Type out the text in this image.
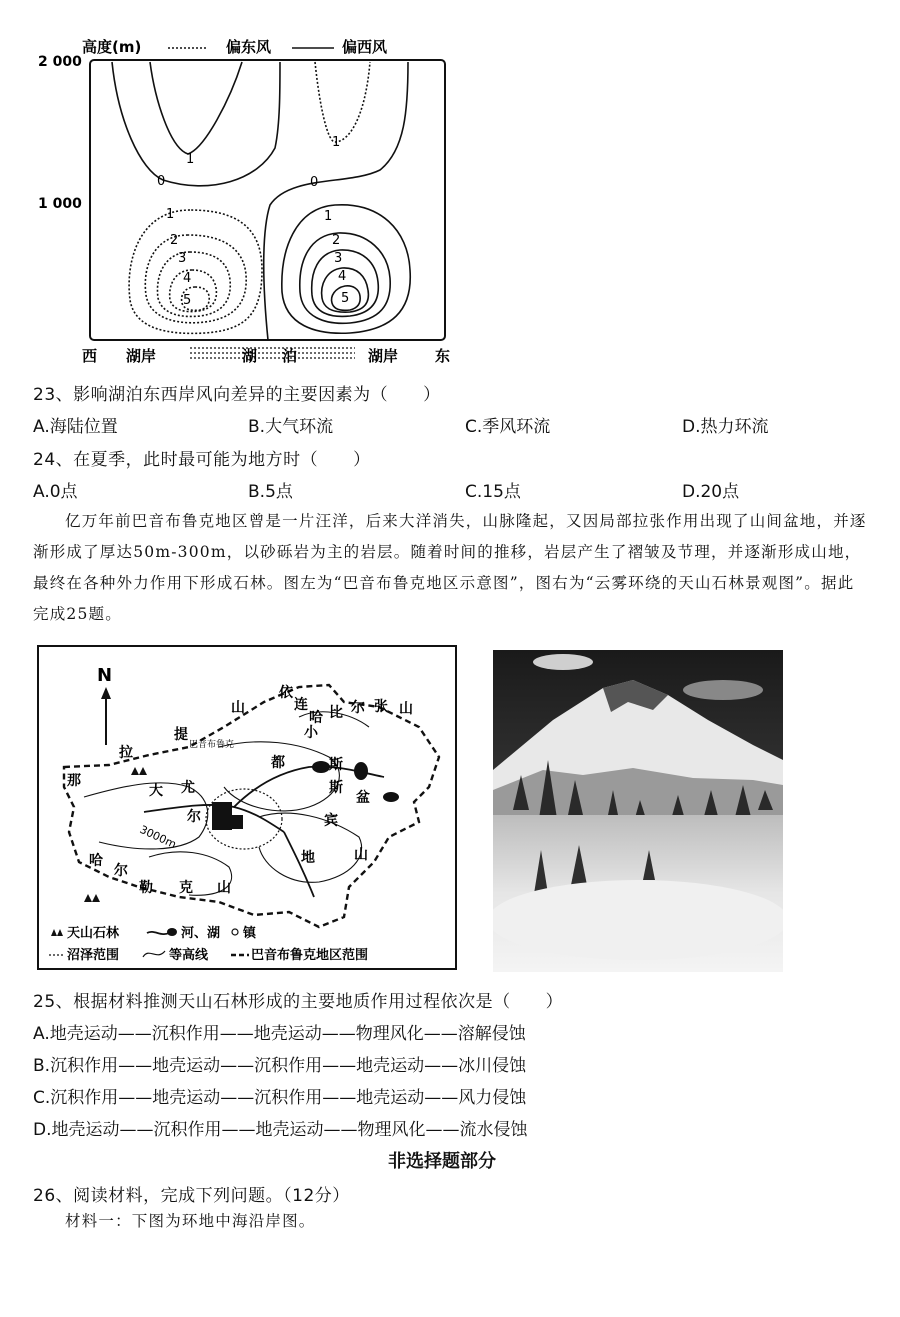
高度(m)	偏东风	偏西风
2 000
1 000
1
0
1
0
1
2
3
4
5
1
2
3
4
5
西 湖岸	湖 泊	湖岸 东
23、影响湖泊东西岸风向差异的主要因素为（　　）
A.海陆位置	B.大气环流	C.季风环流	D.热力环流
24、在夏季，此时最可能为地方时（　　）
A.0点	B.5点	C.15点	D.20点
亿万年前巴音布鲁克地区曾是一片汪洋，后来大洋消失，山脉隆起，又因局部拉张作用出现了山间盆地，并逐渐形成了厚达50m-300m，以砂砾岩为主的岩层。随着时间的推移，岩层产生了褶皱及节理，并逐渐形成山地，最终在各种外力作用下形成石林。图左为“巴音布鲁克地区示意图”，图右为“云雾环绕的天山石林景观图”。据此完成25题。
N
那
拉
提
山
大 尤
尔
都
斯
盆
地
小
比 尔 张 山
依
连
哈
斯
宾
山
哈
尔
勒 克 山
巴音布鲁克
3000m
天山石林	河、湖 镇
沼泽范围	等高线	巴音布鲁克地区范围
25、根据材料推测天山石林形成的主要地质作用过程依次是（　　）
A.地壳运动——沉积作用——地壳运动——物理风化——溶解侵蚀
B.沉积作用——地壳运动——沉积作用——地壳运动——冰川侵蚀
C.沉积作用——地壳运动——沉积作用——地壳运动——风力侵蚀
D.地壳运动——沉积作用——地壳运动——物理风化——流水侵蚀
非选择题部分
26、阅读材料，完成下列问题。（12分）
材料一：下图为环地中海沿岸图。
